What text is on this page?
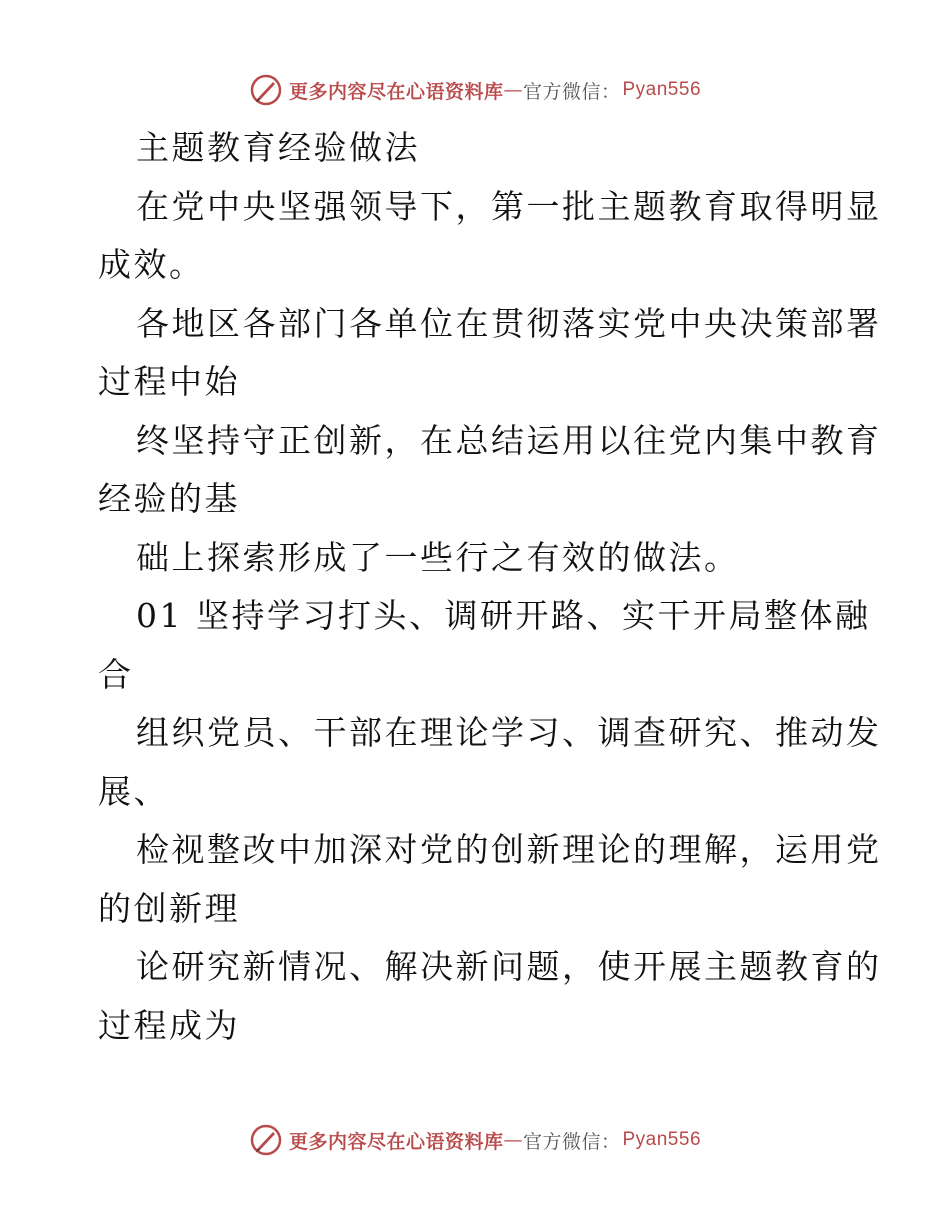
更多内容尽在心语资料库 — 官方微信： Pyan556
主题教育经验做法
在党中央坚强领导下，第一批主题教育取得明显
成效。
各地区各部门各单位在贯彻落实党中央决策部署
过程中始
终坚持守正创新，在总结运用以往党内集中教育
经验的基
础上探索形成了一些行之有效的做法。
01 坚持学习打头、调研开路、实干开局整体融
合
组织党员、干部在理论学习、调查研究、推动发
展、
检视整改中加深对党的创新理论的理解，运用党
的创新理
论研究新情况、解决新问题，使开展主题教育的
过程成为
更多内容尽在心语资料库 — 官方微信： Pyan556
